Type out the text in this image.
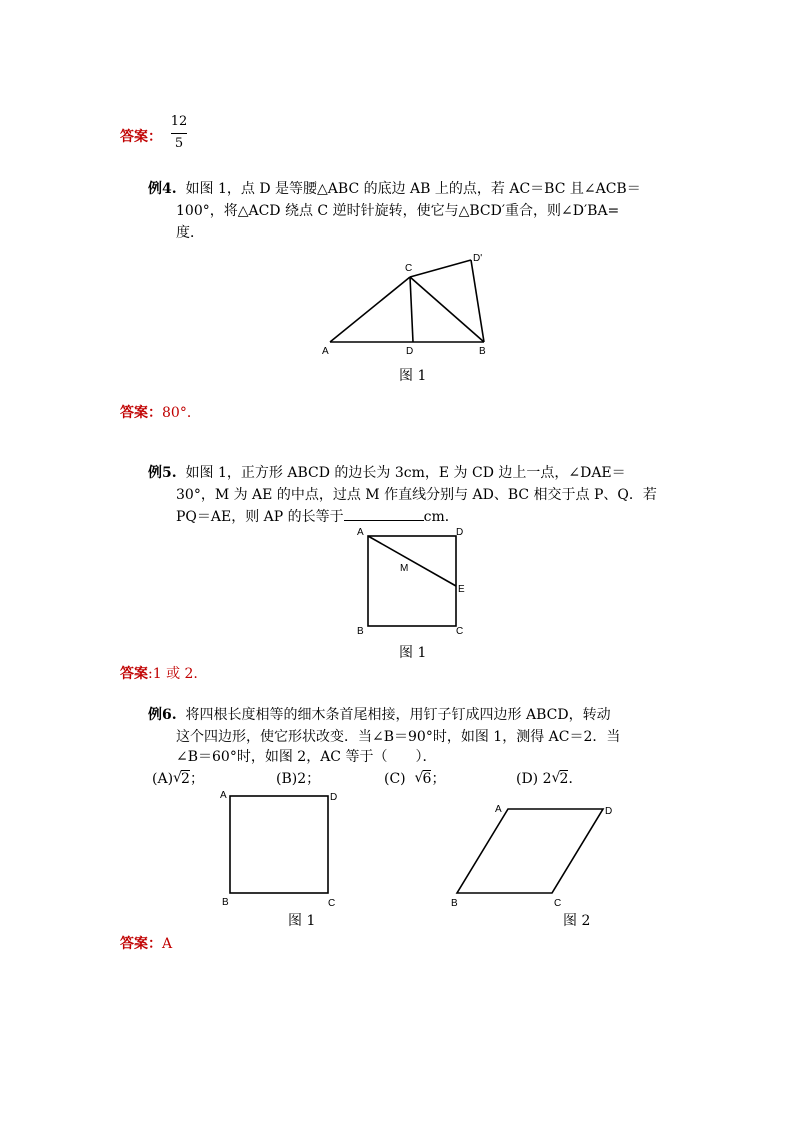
答案：
12
5
例4. 如图 1，点 D 是等腰△ABC 的底边 AB 上的点，若 AC＝BC 且∠ACB＝
100°，将△ACD 绕点 C 逆时针旋转，使它与△BCD′重合，则∠D′BA=
度．
A	D	B
C
D'
图 1
答案：80°．
例5. 如图 1，正方形 ABCD 的边长为 3cm，E 为 CD 边上一点，∠DAE＝
30°，M 为 AE 的中点，过点 M 作直线分别与 AD、BC 相交于点 P、Q．若
PQ＝AE，则 AP 的长等于	cm．
A	D
B	C
E
M
图 1
答案:1 或 2.
例6. 将四根长度相等的细木条首尾相接，用钉子钉成四边形 ABCD，转动
这个四边形，使它形状改变．当∠B＝90°时，如图 1，测得 AC＝2．当
∠B＝60°时，如图 2，AC 等于（　　）．
(A) √ 2；	(B)2；	(C) √ 6；	(D) 2 √ 2．
A	D
B	C
图 1
A	D
B	C
图 2
答案：A
